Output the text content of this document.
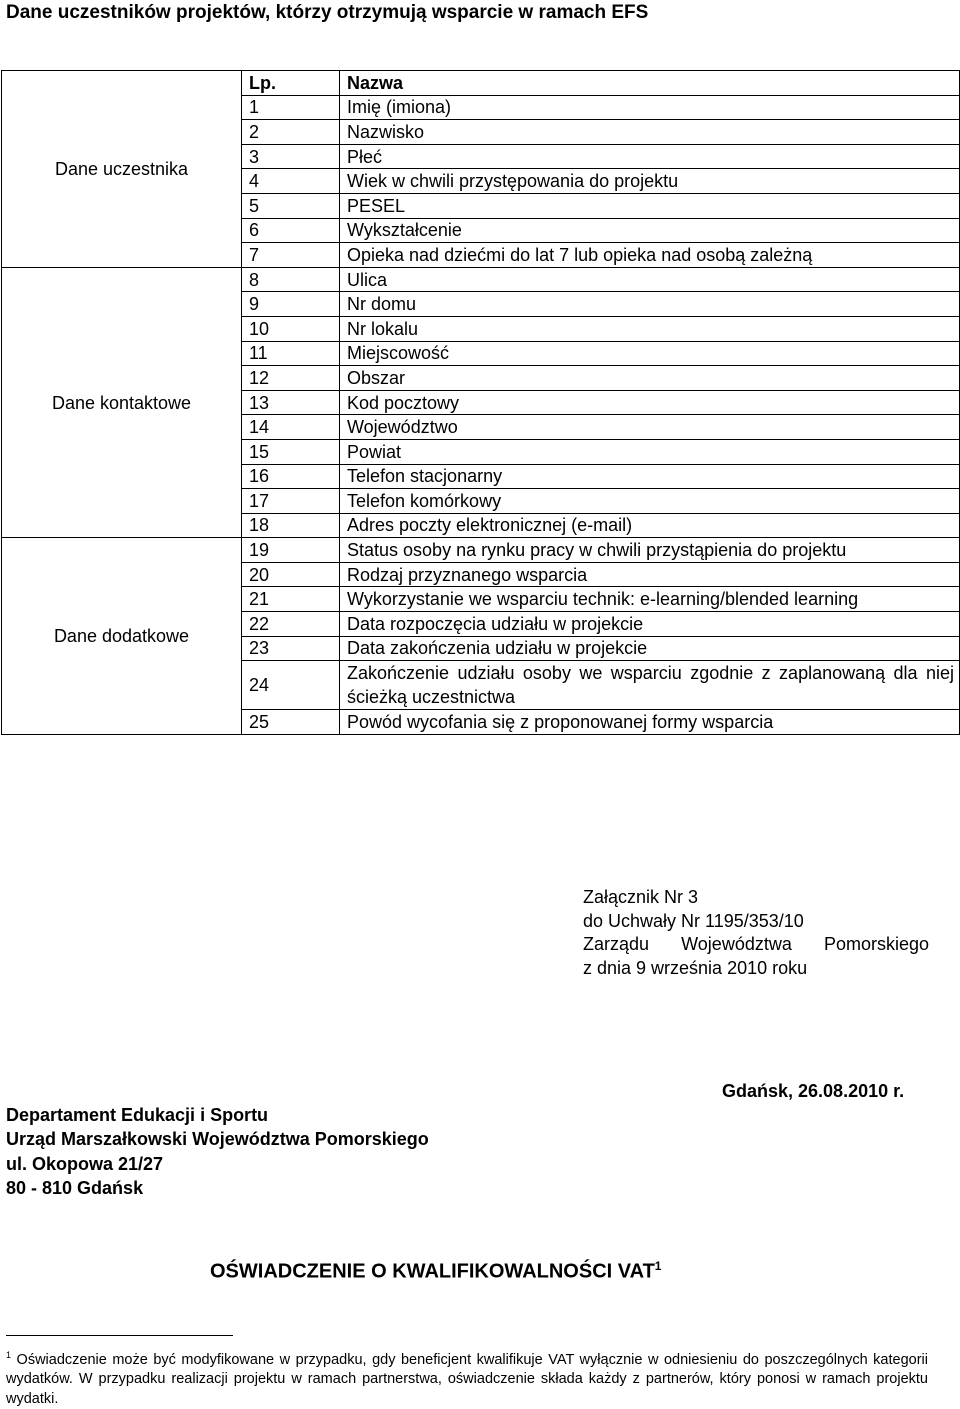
Dane uczestników projektów, którzy otrzymują wsparcie w ramach EFS
Dane uczestnika	Lp.	Nazwa
	1	Imię (imiona)
	2	Nazwisko
	3	Płeć
	4	Wiek w chwili przystępowania do projektu
	5	PESEL
	6	Wykształcenie
	7	Opieka nad dziećmi do lat 7 lub opieka nad osobą zależną
Dane kontaktowe	8	Ulica
	9	Nr domu
	10	Nr lokalu
	11	Miejscowość
	12	Obszar
	13	Kod pocztowy
	14	Województwo
	15	Powiat
	16	Telefon stacjonarny
	17	Telefon komórkowy
	18	Adres poczty elektronicznej (e-mail)
Dane dodatkowe	19	Status osoby na rynku pracy w chwili przystąpienia do projektu
	20	Rodzaj przyznanego wsparcia
	21	Wykorzystanie we wsparciu technik: e-learning/blended learning
	22	Data rozpoczęcia udziału w projekcie
	23	Data zakończenia udziału w projekcie
	24	Zakończenie udziału osoby we wsparciu zgodnie z zaplanowaną dla niej ścieżką uczestnictwa
	25	Powód wycofania się z proponowanej formy wsparcia
Załącznik Nr 3
do Uchwały Nr 1195/353/10
Zarządu Województwa Pomorskiego
z dnia 9 września 2010 roku
Gdańsk, 26.08.2010 r.
Departament Edukacji i Sportu
Urząd Marszałkowski Województwa Pomorskiego
ul. Okopowa 21/27
80 - 810 Gdańsk
OŚWIADCZENIE O KWALIFIKOWALNOŚCI VAT$^1$
$^1$ Oświadczenie może być modyfikowane w przypadku, gdy beneficjent kwalifikuje VAT wyłącznie w odniesieniu do poszczególnych kategorii wydatków. W przypadku realizacji projektu w ramach partnerstwa, oświadczenie składa każdy z partnerów, który ponosi w ramach projektu wydatki.
